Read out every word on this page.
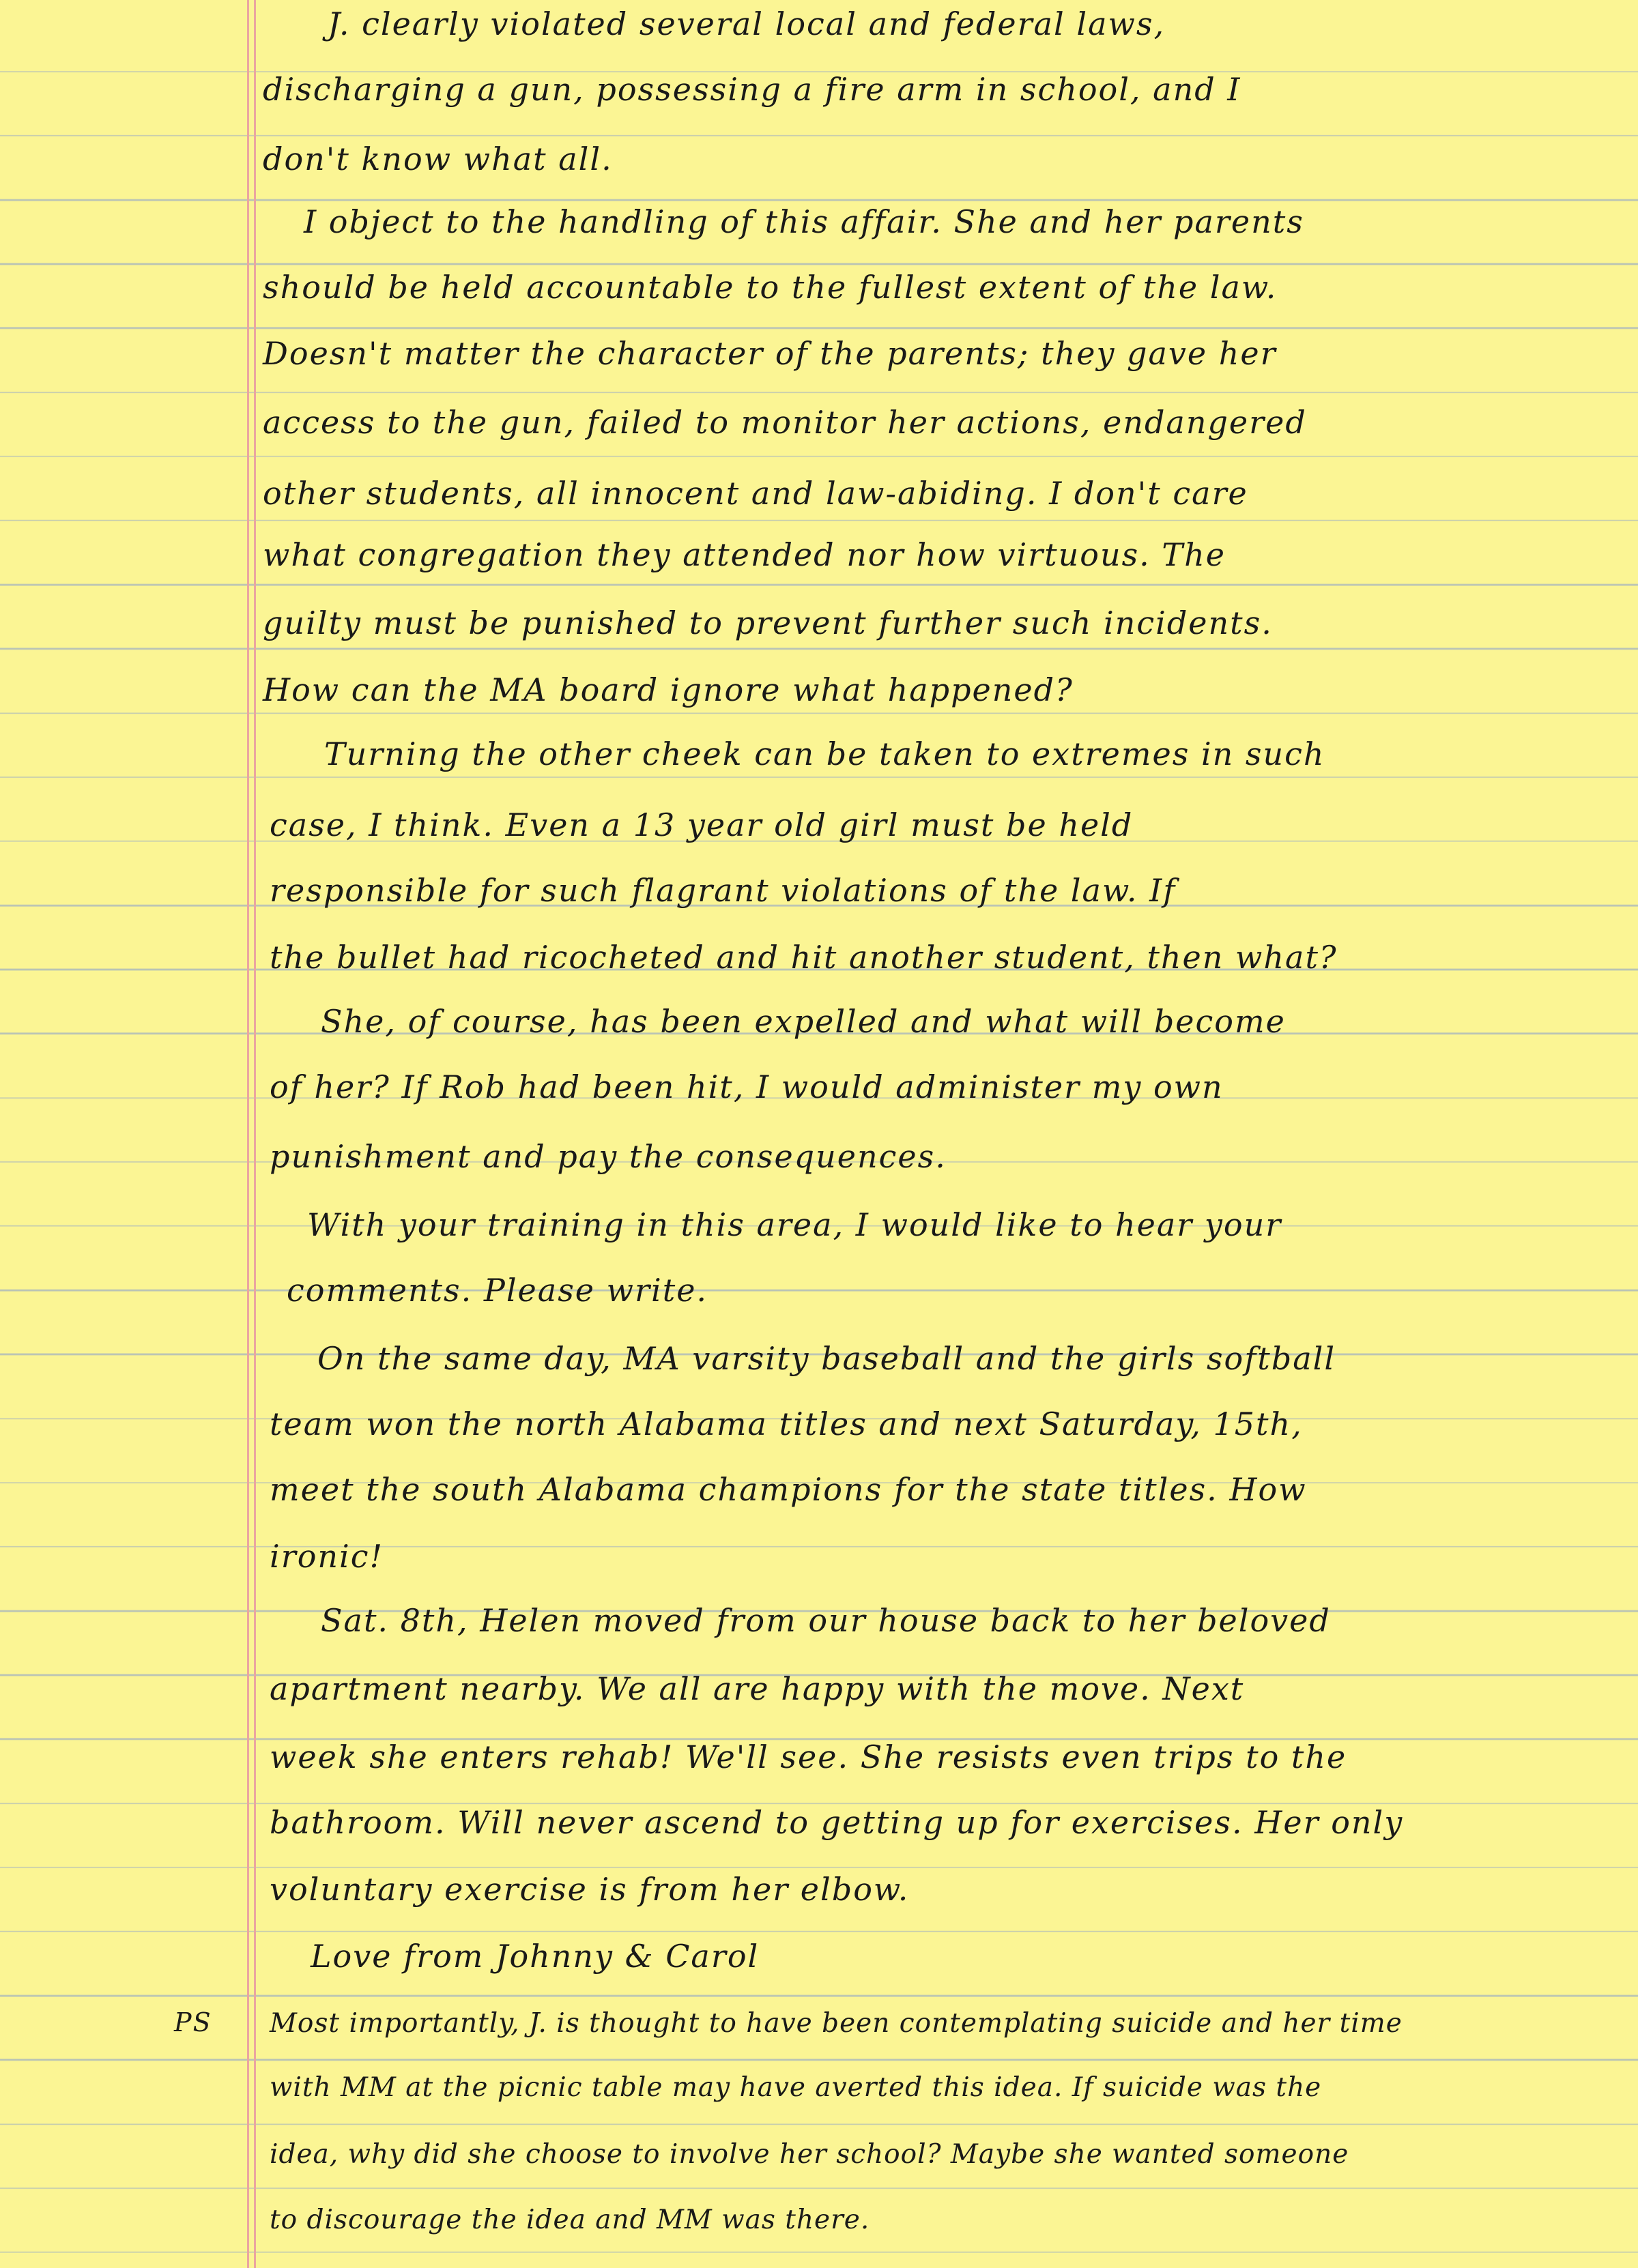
PS
J. clearly violated several local and federal laws,
discharging a gun, possessing a fire arm in school, and I
don't know what all.
I object to the handling of this affair. She and her parents
should be held accountable to the fullest extent of the law.
Doesn't matter the character of the parents; they gave her
access to the gun, failed to monitor her actions, endangered
other students, all innocent and law-abiding. I don't care
what congregation they attended nor how virtuous. The
guilty must be punished to prevent further such incidents.
How can the MA board ignore what happened?
Turning the other cheek can be taken to extremes in such
case, I think. Even a 13 year old girl must be held
responsible for such flagrant violations of the law. If
the bullet had ricocheted and hit another student, then what?
She, of course, has been expelled and what will become
of her? If Rob had been hit, I would administer my own
punishment and pay the consequences.
With your training in this area, I would like to hear your
comments. Please write.
On the same day, MA varsity baseball and the girls softball
team won the north Alabama titles and next Saturday, 15th,
meet the south Alabama champions for the state titles. How
ironic!
Sat. 8th, Helen moved from our house back to her beloved
apartment nearby. We all are happy with the move. Next
week she enters rehab! We'll see. She resists even trips to the
bathroom. Will never ascend to getting up for exercises. Her only
voluntary exercise is from her elbow.
Love from Johnny & Carol
Most importantly, J. is thought to have been contemplating suicide and her time
with MM at the picnic table may have averted this idea. If suicide was the
idea, why did she choose to involve her school? Maybe she wanted someone
to discourage the idea and MM was there.
